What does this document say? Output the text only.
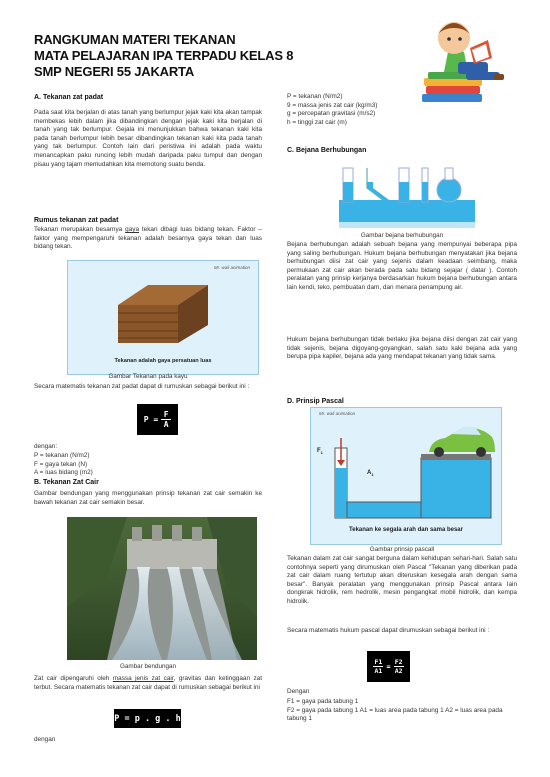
RANGKUMAN MATERI TEKANAN
MATA PELAJARAN IPA TERPADU KELAS 8
SMP NEGERI 55 JAKARTA
A. Tekanan zat padat
Pada saat kita berjalan di atas tanah yang berlumpur jejak kaki kita akan tampak membekas lebih dalam jika dibandingkan dengan jejak kaki kita berjalan di tanah yang tak berlumpur. Gejala ini menunjukkan bahwa tekanan kaki kita pada tanah berlumpur lebih besar dibandingkan tekanan kaki kita pada tanah yang tak berlumpur. Contoh lain dari peristiwa ini adalah pada waktu menancapkan paku runcing lebih mudah daripada paku tumpul dan dengan pisau yang tajam memudahkan kita memotong suatu benda.
Rumus tekanan zat padat
Tekanan merupakan besarnya gaya tekan dibagi luas bidang tekan. Faktor – faktor yang mempengaruhi tekanan adalah besarnya gaya tekan dan luas bidang tekan.
Mr. wali animation
Tekanan adalah gaya persatuan luas
Gambar Tekanan pada kayu
Secara matematis tekanan zat padat dapat di rumuskan sebagai berikut ini :
P =
F
A
dengan:
P = tekanan (N/m2)
F = gaya tekan (N)
A = luas bidang (m2)
B. Tekanan Zat Cair
Gambar bendungan yang menggunakan prinsip tekanan zat cair semakin ke bawah tekanan zat cair semakin besar.
Gambar bendungan
Zat cair dipengaruhi oleh massa jenis zat cair, gravitas dan ketinggaan zat terbut. Secara matematis tekanan zat cair dapat di rumuskan sebagai berikut ini
P = p . g . h
dengan
P = tekanan (N/m2)
9 = massa jenis zat cair (kg/m3)
g = percepatan gravitasi (m/s2)
h = tinggi zat cair (m)
C. Bejana Berhubungan
Gambar bejana berhubungan
Bejana berhubungan adalah sebuah bejana yang mempunyai beberapa pipa yang saling berhubungan. Hukum bejana berhubungan menyatakan jika bejana berhubungan diisi zat cair yang sejenis dalam keadaan seimbang, maka permukaan zat cair akan berada pada satu bidang sejajar ( datar ). Contoh peralatan yang prinsip kerjanya berdasarkan hukum bejana berhubungan antara lain kendi, teko, pembuatan dam, dan menara penampung air.
Hukum bejana berhubungan tidak berlaku jika bejana diisi dengan zat cair yang tidak sejenis, bejana digoyang-goyangkan, salah satu kaki bejana ada yang berupa pipa kapiler, bejana ada yang mendapat tekanan yang tidak sama.
D. Prinsip Pascal
Mr. wali animation
$F_1$
$A_1$
Tekanan ke segala arah dan sama besar
Gambar prinsip pascall
Tekanan dalam zat cair sangat berguna dalam kehidupan sehari-hari. Salah satu contohnya seperti yang dirumuskan oleh Pascal "Tekanan yang diberikan pada zat cair dalam ruang tertutup akan diteruskan kesegala arah dengan sama besar". Banyak peralatan yang menggunakan prinsip Pascal antara lain dongkrak hidrolik, rem hedrolik, mesin pengangkat mobil hidrolik, dan kempa hidrolik.
Secara matematis hukum pascal dapat dirumuskan sebagai berikut ini :
F1
A1
=
F2
A2
Dengan
F1 = gaya pada tabung 1
F2 = gaya pada tabung 1 A1 = luas area pada tabung 1 A2 = luas area pada tabung 1
